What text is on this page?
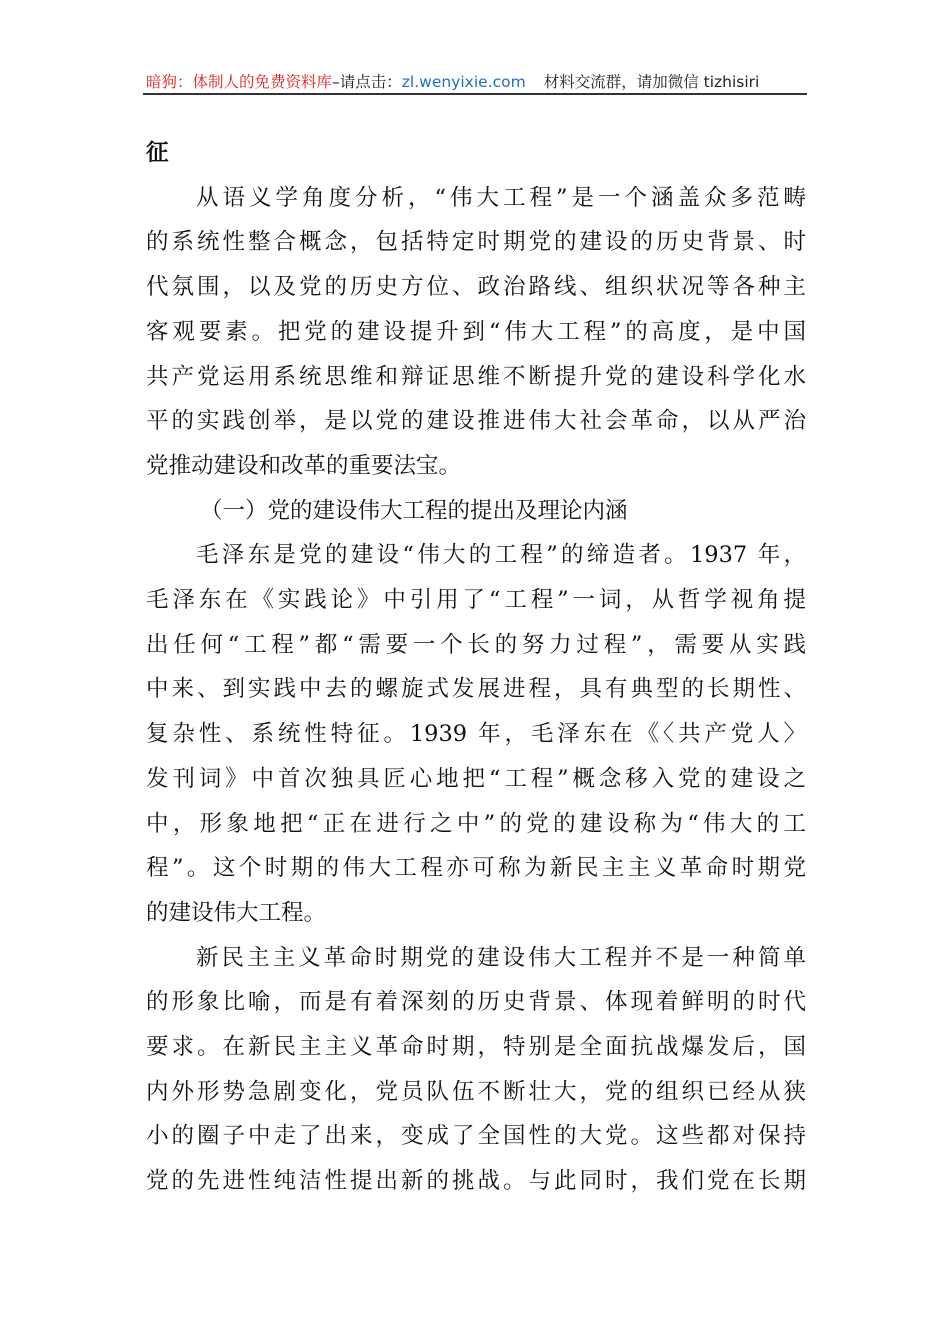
暗狗：体制人的免费资料库–请点击：zl.wenyixie.com 材料交流群，请加微信 tizhisiri
征
从语义学角度分析，“伟大工程”是一个涵盖众多范畴
的系统性整合概念，包括特定时期党的建设的历史背景、时
代氛围，以及党的历史方位、政治路线、组织状况等各种主
客观要素。把党的建设提升到“伟大工程”的高度，是中国
共产党运用系统思维和辩证思维不断提升党的建设科学化水
平的实践创举，是以党的建设推进伟大社会革命，以从严治
党推动建设和改革的重要法宝。
（一）党的建设伟大工程的提出及理论内涵
毛泽东是党的建设“伟大的工程”的缔造者。1937 年，
毛泽东在《实践论》中引用了“工程”一词，从哲学视角提
出任何“工程”都“需要一个长的努力过程”，需要从实践
中来、到实践中去的螺旋式发展进程，具有典型的长期性、
复杂性、系统性特征。1939 年，毛泽东在《〈共产党人〉
发刊词》中首次独具匠心地把“工程”概念移入党的建设之
中，形象地把“正在进行之中”的党的建设称为“伟大的工
程”。这个时期的伟大工程亦可称为新民主主义革命时期党
的建设伟大工程。
新民主主义革命时期党的建设伟大工程并不是一种简单
的形象比喻，而是有着深刻的历史背景、体现着鲜明的时代
要求。在新民主主义革命时期，特别是全面抗战爆发后，国
内外形势急剧变化，党员队伍不断壮大，党的组织已经从狭
小的圈子中走了出来，变成了全国性的大党。这些都对保持
党的先进性纯洁性提出新的挑战。与此同时，我们党在长期
